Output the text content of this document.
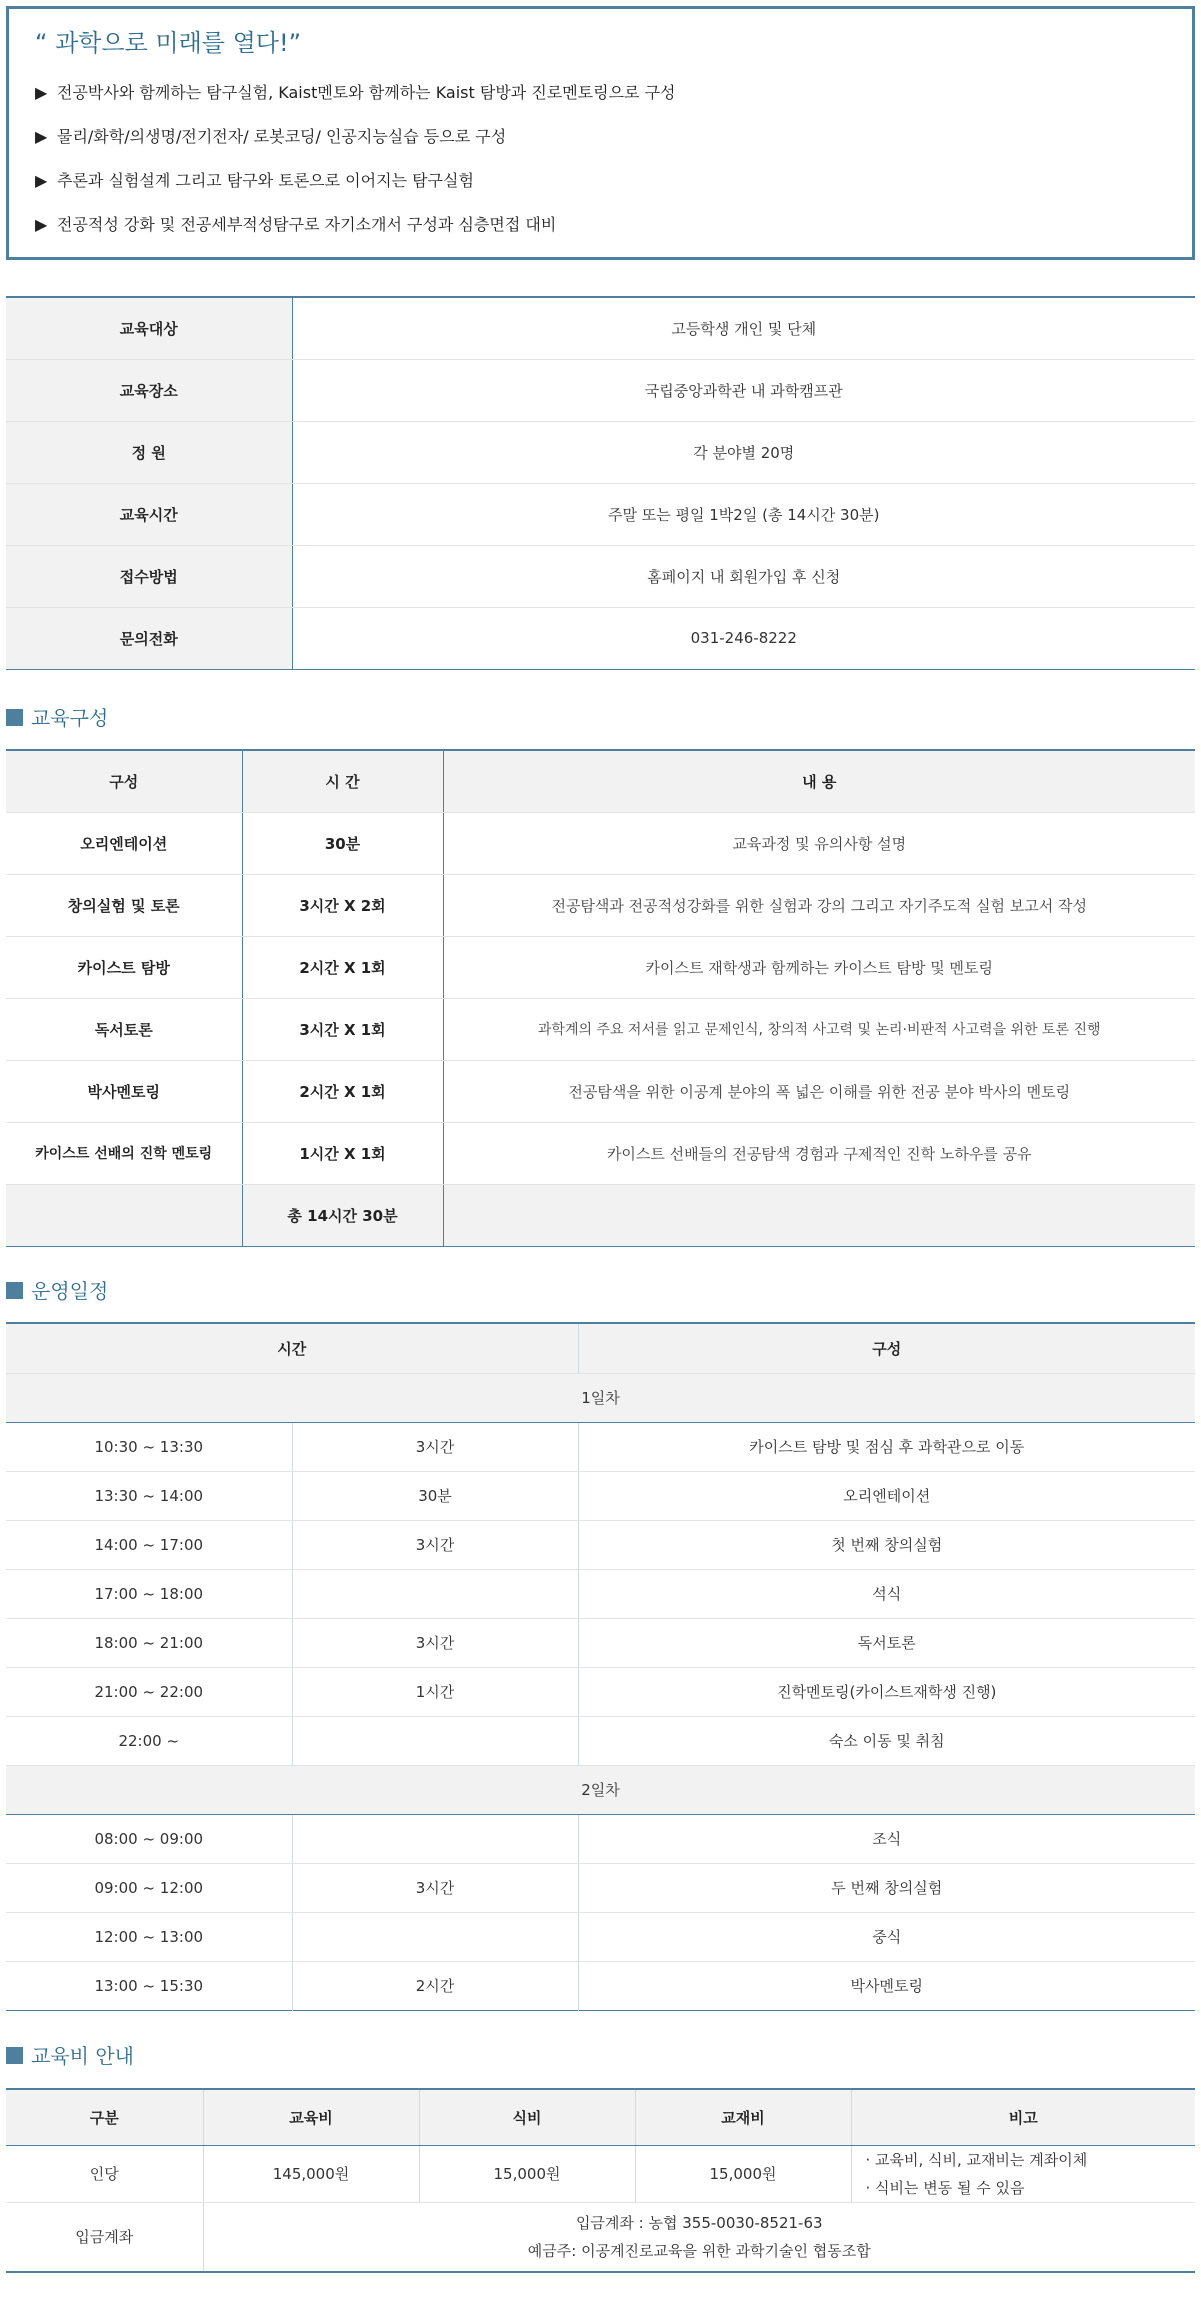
“ 과학으로 미래를 열다!”
▶ 전공박사와 함께하는 탐구실험, Kaist멘토와 함께하는 Kaist 탐방과 진로멘토링으로 구성
▶ 물리/화학/의생명/전기전자/ 로봇코딩/ 인공지능실습 등으로 구성
▶ 추론과 실험설계 그리고 탐구와 토론으로 이어지는 탐구실험
▶ 전공적성 강화 및 전공세부적성탐구로 자기소개서 구성과 심층면접 대비
교육대상	고등학생 개인 및 단체
교육장소	국립중앙과학관 내 과학캠프관
정 원	각 분야별 20명
교육시간	주말 또는 평일 1박2일 (총 14시간 30분)
접수방법	홈페이지 내 회원가입 후 신청
문의전화	031-246-8222
교육구성
구성	시 간	내 용
오리엔테이션	30분	교육과정 및 유의사항 설명
창의실험 및 토론	3시간 X 2회	전공탐색과 전공적성강화를 위한 실험과 강의 그리고 자기주도적 실험 보고서 작성
카이스트 탐방	2시간 X 1회	카이스트 재학생과 함께하는 카이스트 탐방 및 멘토링
독서토론	3시간 X 1회	과학계의 주요 저서를 읽고 문제인식, 창의적 사고력 및 논리·비판적 사고력을 위한 토론 진행
박사멘토링	2시간 X 1회	전공탐색을 위한 이공계 분야의 폭 넓은 이해를 위한 전공 분야 박사의 멘토링
카이스트 선배의 진학 멘토링	1시간 X 1회	카이스트 선배들의 전공탐색 경험과 구제적인 진학 노하우를 공유
	총 14시간 30분	
운영일정
시간		구성
1일차		
10:30 ~ 13:30	3시간	카이스트 탐방 및 점심 후 과학관으로 이동
13:30 ~ 14:00	30분	오리엔테이션
14:00 ~ 17:00	3시간	첫 번째 창의실험
17:00 ~ 18:00		석식
18:00 ~ 21:00	3시간	독서토론
21:00 ~ 22:00	1시간	진학멘토링(카이스트재학생 진행)
22:00 ~		숙소 이동 및 취침
2일차		
08:00 ~ 09:00		조식
09:00 ~ 12:00	3시간	두 번째 창의실험
12:00 ~ 13:00		중식
13:00 ~ 15:30	2시간	박사멘토링
교육비 안내
구분	교육비	식비	교재비	비고
인당	145,000원	15,000원	15,000원	· 교육비, 식비, 교재비는 계좌이체
· 식비는 변동 될 수 있음

입금계좌	입금계좌 : 농협 355-0030-8521-63
예금주: 이공계진로교육을 위한 과학기술인 협동조합			
